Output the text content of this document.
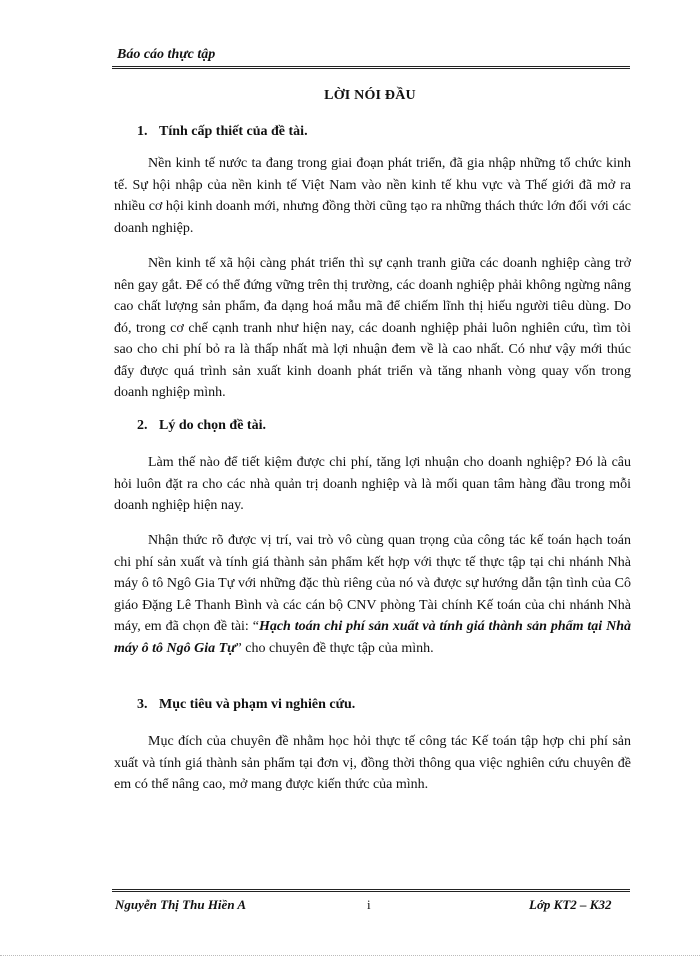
Báo cáo thực tập
LỜI NÓI ĐẦU
1. Tính cấp thiết của đề tài.

Nền kinh tế nước ta đang trong giai đoạn phát triển, đã gia nhập những tổ chức kinh tế. Sự hội nhập của nền kinh tế Việt Nam vào nền kinh tế khu vực và Thế giới đã mở ra nhiều cơ hội kinh doanh mới, nhưng đồng thời cũng tạo ra những thách thức lớn đối với các doanh nghiệp.

Nền kinh tế xã hội càng phát triển thì sự cạnh tranh giữa các doanh nghiệp càng trở nên gay gắt. Để có thể đứng vững trên thị trường, các doanh nghiệp phải không ngừng nâng cao chất lượng sản phẩm, đa dạng hoá mẫu mã để chiếm lĩnh thị hiếu người tiêu dùng. Do đó, trong cơ chế cạnh tranh như hiện nay, các doanh nghiệp phải luôn nghiên cứu, tìm tòi sao cho chi phí bỏ ra là thấp nhất mà lợi nhuận đem về là cao nhất. Có như vậy mới thúc đẩy được quá trình sản xuất kinh doanh phát triển và tăng nhanh vòng quay vốn trong doanh nghiệp mình.

2. Lý do chọn đề tài.

Làm thế nào để tiết kiệm được chi phí, tăng lợi nhuận cho doanh nghiệp? Đó là câu hỏi luôn đặt ra cho các nhà quản trị doanh nghiệp và là mối quan tâm hàng đầu trong mỗi doanh nghiệp hiện nay.

Nhận thức rõ được vị trí, vai trò vô cùng quan trọng của công tác kế toán hạch toán chi phí sản xuất và tính giá thành sản phẩm kết hợp với thực tế thực tập tại chi nhánh Nhà máy ô tô Ngô Gia Tự với những đặc thù riêng của nó và được sự hướng dẫn tận tình của Cô giáo Đặng Lê Thanh Bình và các cán bộ CNV phòng Tài chính Kế toán của chi nhánh Nhà máy, em đã chọn đề tài: “Hạch toán chi phí sản xuất và tính giá thành sản phẩm tại Nhà máy ô tô Ngô Gia Tự” cho chuyên đề thực tập của mình.

3. Mục tiêu và phạm vi nghiên cứu.

Mục đích của chuyên đề nhằm học hỏi thực tế công tác Kế toán tập hợp chi phí sản xuất và tính giá thành sản phẩm tại đơn vị, đồng thời thông qua việc nghiên cứu chuyên đề em có thể nâng cao, mở mang được kiến thức của mình.

Nguyễn Thị Thu Hiền A	i	Lớp KT2 – K32
